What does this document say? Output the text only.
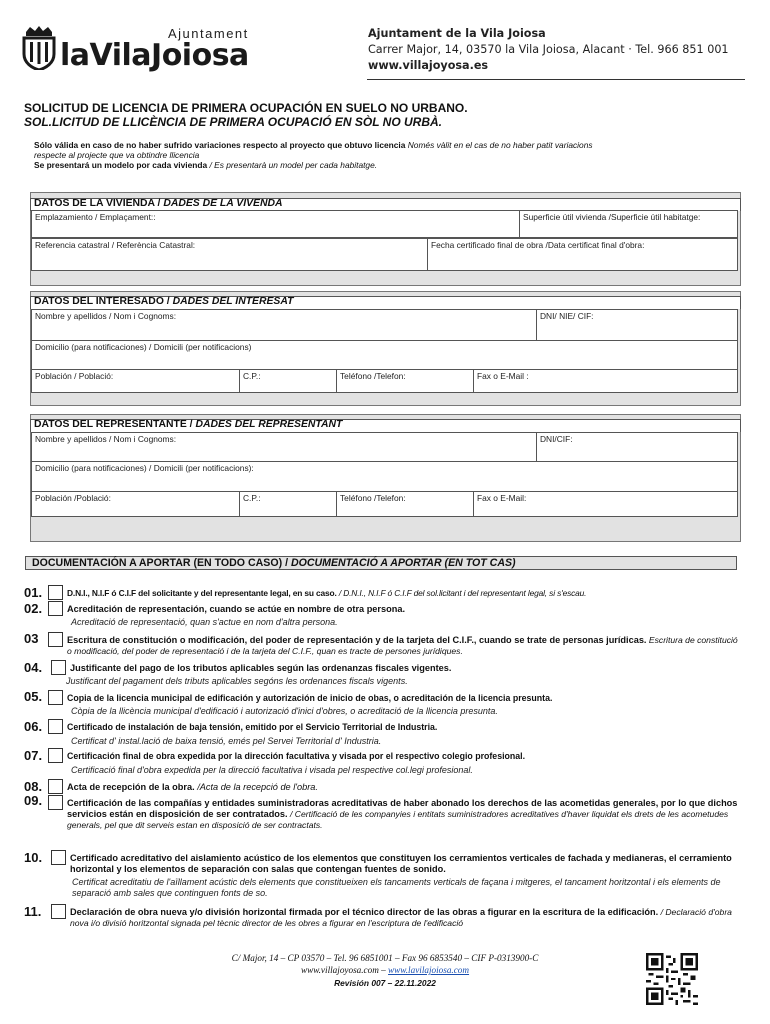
Ajuntament
laVilaJoiosa
Ajuntament de la Vila Joiosa
Carrer Major, 14, 03570 la Vila Joiosa, Alacant · Tel. 966 851 001
www.villajoyosa.es
SOLICITUD DE LICENCIA DE PRIMERA OCUPACIÓN EN SUELO NO URBANO.
SOL.LICITUD DE LLICÈNCIA DE PRIMERA OCUPACIÓ EN SÒL NO URBÀ.
Sólo válida en caso de no haber sufrido variaciones respecto al proyecto que obtuvo licencia Només vàlit en el cas de no haber patit variacions
respecte al projecte que va obtindre llicencia
Se presentará un modelo por cada vivienda / Es presentarà un model per cada habitatge.
DATOS DE LA VIVIENDA / DADES DE LA VIVENDA
Emplazamiento / Emplaçament::	Superficie útil vivienda /Superficie útil habitatge:
Referencia catastral / Referència Catastral:	Fecha certificado final de obra /Data certificat final d'obra:
DATOS DEL INTERESADO / DADES DEL INTERESAT
Nombre y apellidos / Nom i Cognoms:	DNI/ NIE/ CIF:
Domicilio (para notificaciones) / Domicili (per notificacions)
Población / Població:	C.P.:	Teléfono /Telefon:	Fax o E-Mail :
DATOS DEL REPRESENTANTE / DADES DEL REPRESENTANT
Nombre y apellidos / Nom i Cognoms:	DNI/CIF:
Domicilio (para notificaciones) / Domicili (per notificacions):
Población /Població:	C.P.:	Teléfono /Telefon:	Fax o E-Mail:
DOCUMENTACIÓN A APORTAR (EN TODO CASO) / DOCUMENTACIÓ A APORTAR (EN TOT CAS)
01.	D.N.I., N.I.F ó C.I.F del solicitante y del representante legal, en su caso. / D.N.I., N.I.F ó C.I.F del sol.licitant i del representant legal, si s'escau.
02.	Acreditación de representación, cuando se actúe en nombre de otra persona.
Acreditació de representació, quan s'actue en nom d'altra persona.
03	Escritura de constitución o modificación, del poder de representación y de la tarjeta del C.I.F., cuando se trate de personas jurídicas. Escritura de constitució o modificació, del poder de representació i de la tarjeta del C.I.F., quan es tracte de persones jurídiques.
04.	Justificante del pago de los tributos aplicables según las ordenanzas fiscales vigentes.
Justificant del pagament dels tributs aplicables segóns les ordenances fiscals vigents.
05.	Copia de la licencia municipal de edificación y autorización de inicio de obas, o acreditación de la licencia presunta.
Còpia de la llicència municipal d'edificació i autorizació d'inici d'obres, o acreditació de la llicencia presunta.
06.	Certificado de instalación de baja tensión, emitido por el Servicio Territorial de Industria.
Certificat d' instal.lació de baixa tensió, emés pel Servei Territorial d' Industria.
07.	Certificación final de obra expedida por la dirección facultativa y visada por el respectivo colegio profesional.
Certificació final d'obra expedida per la direcció facultativa i visada pel respective col.legi profesional.
08.	Acta de recepción de la obra. /Acta de la recepció de l'obra.
09.	Certificación de las compañías y entidades suministradoras acreditativas de haber abonado los derechos de las acometidas generales, por lo que dichos servicios están en disposición de ser contratados. / Certificació de les companyies i entitats suministradores acreditatives d'haver liquidat els drets de les acometudes generals, pel que dit serveis estan en disposició de ser contractats.
10.	Certificado acreditativo del aislamiento acústico de los elementos que constituyen los cerramientos verticales de fachada y medianeras, el cerramiento horizontal y los elementos de separación con salas que contengan fuentes de sonido.
Certificat acreditatiu de l'aïllament acústic dels elements que constitueixen els tancaments verticals de façana i mitgeres, el tancament horitzontal i els elements de separació amb sales que continguen fonts de so.
11.	Declaración de obra nueva y/o división horizontal firmada por el técnico director de las obras a figurar en la escritura de la edificación. / Declaració d'obra nova i/o divisió horitzontal signada pel tècnic director de les obres a figurar en l'escriptura de l'edificació
C/ Major, 14 – CP 03570 – Tel. 96 6851001 – Fax 96 6853540 – CIF P-0313900-C
www.villajoyosa.com – www.lavilajoiosa.com
Revisión 007 – 22.11.2022
